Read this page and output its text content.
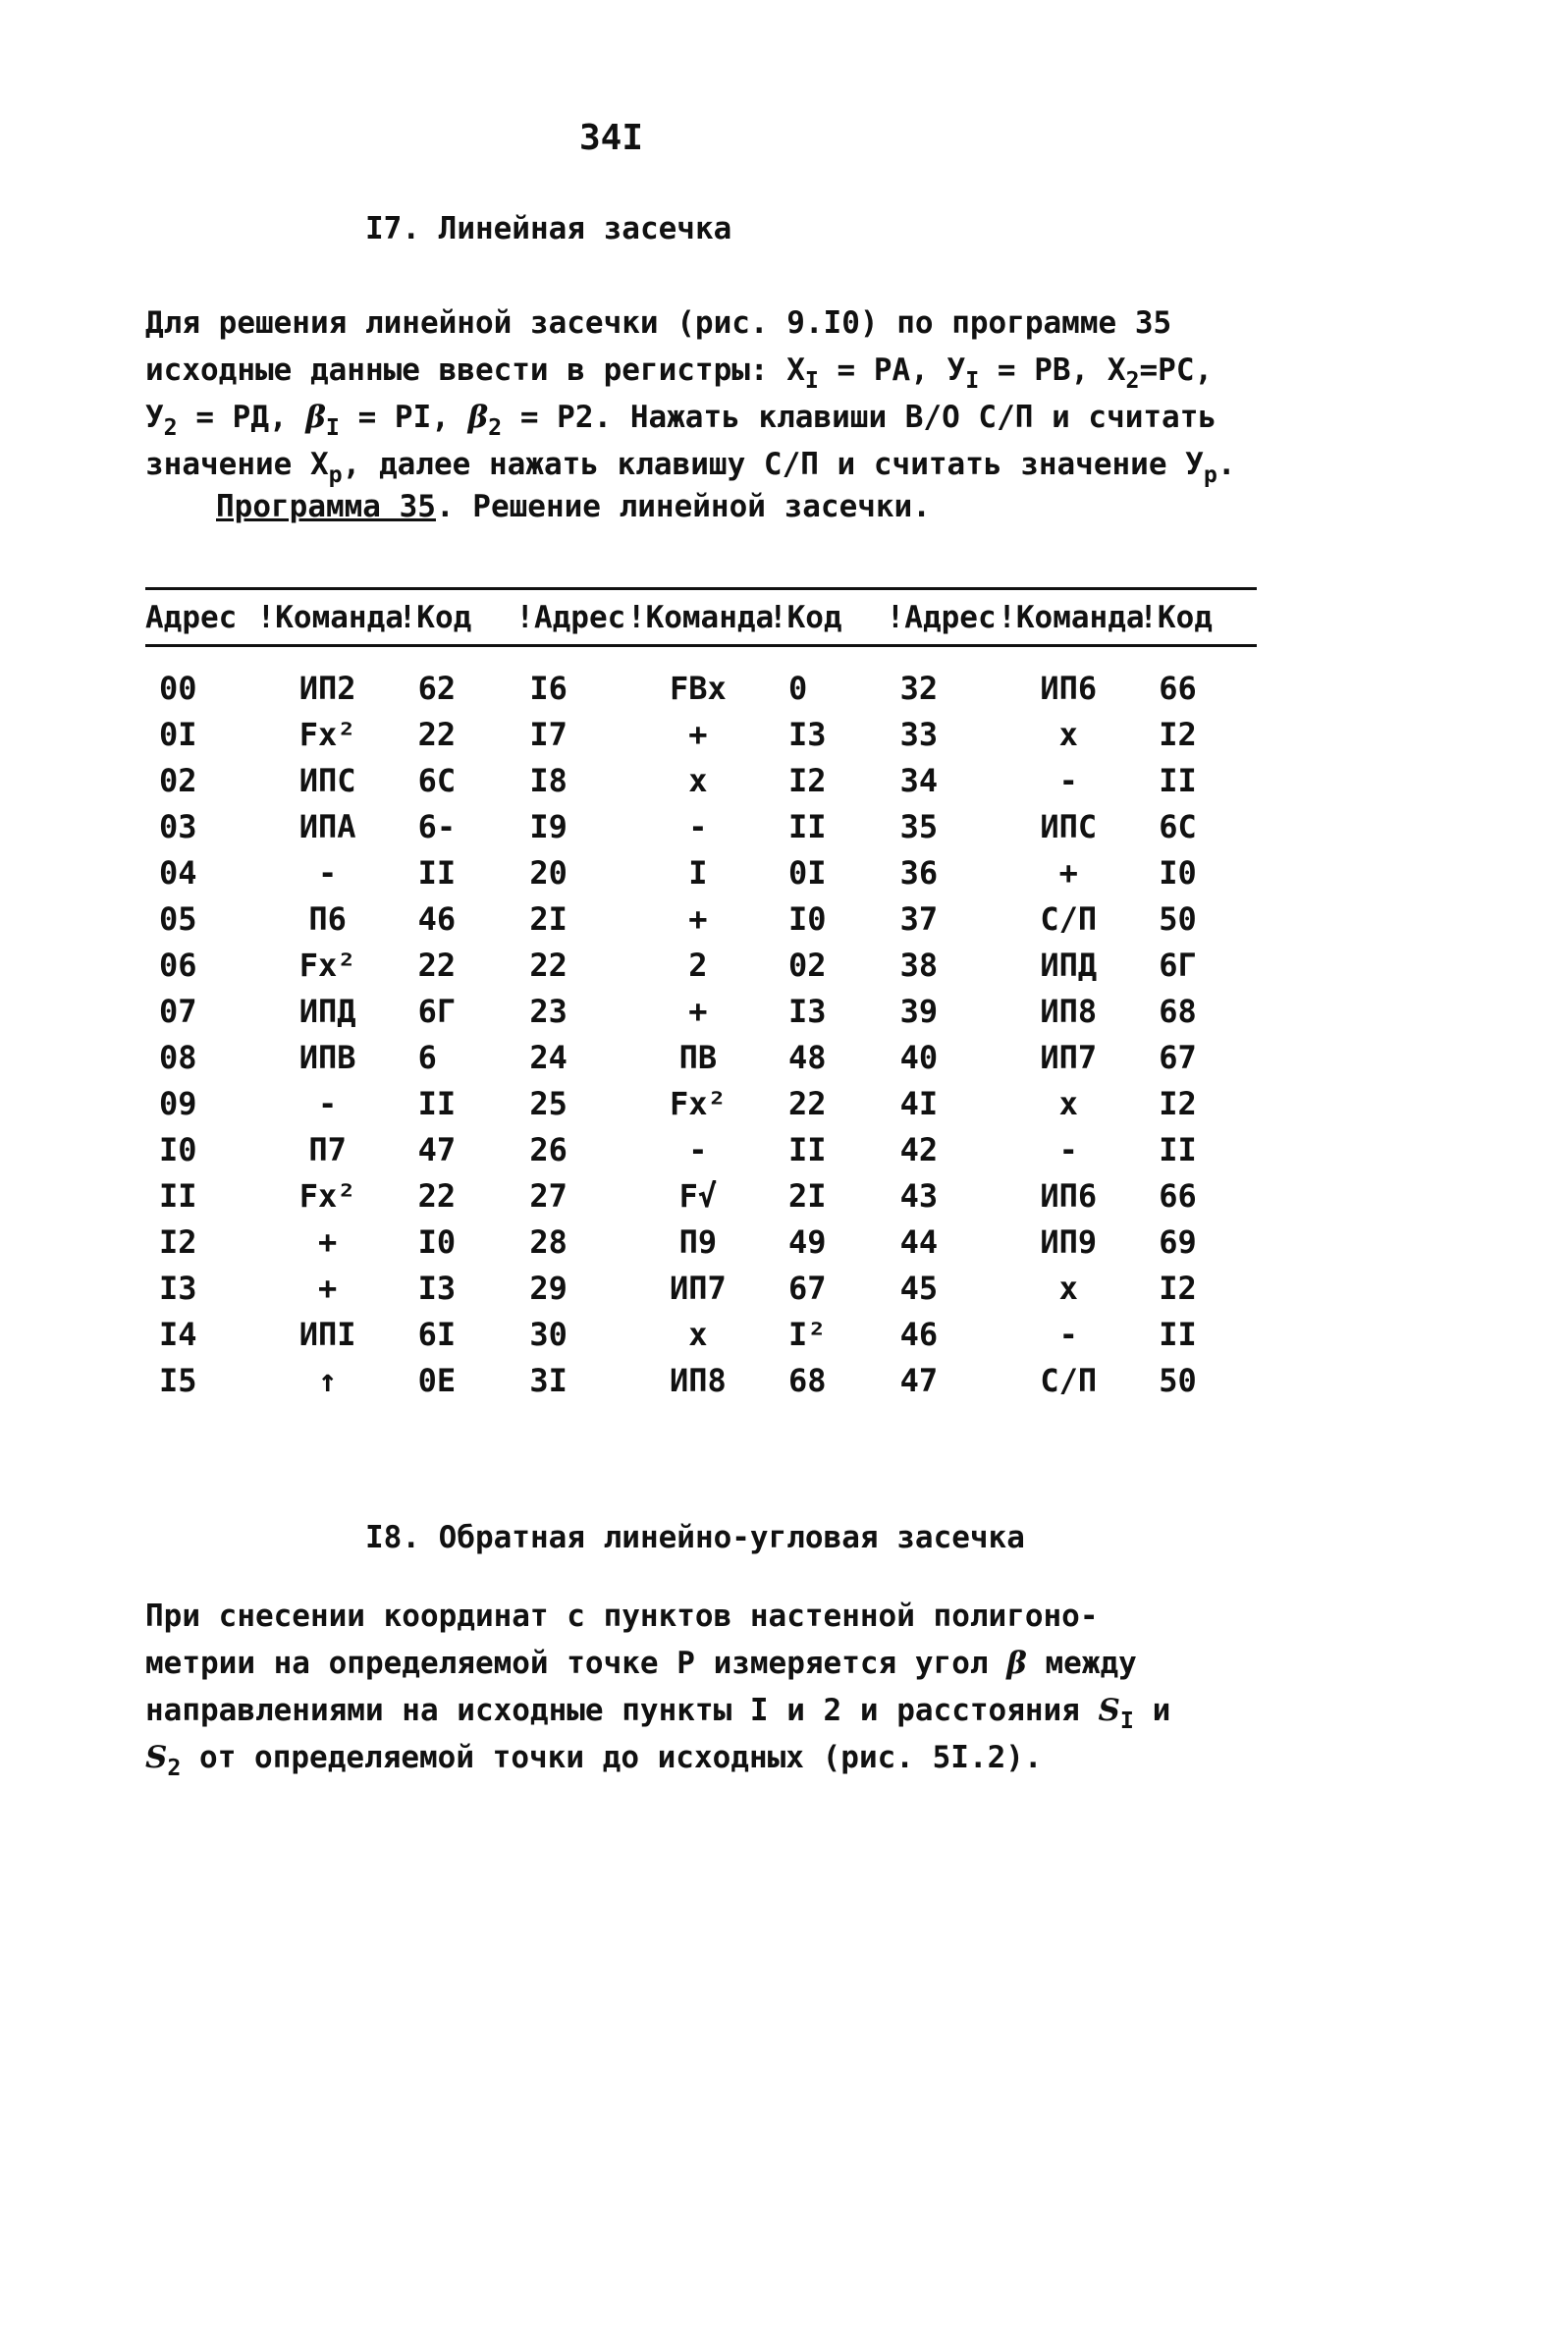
34I
I7. Линейная засечка
Для решения линейной засечки (рис. 9.I0) по программе 35
исходные данные ввести в регистры: $X_I$ = PA, $У_I$ = PB, $X_2=PC$,
$У_2$ = PД, $\beta_I$ = PI, $\beta_2 = P2$. Нажать клавиши В/О С/П и считать
значение $X_p$, далее нажать клавишу С/П и считать значение $У_p$.
Программа 35. Решение линейной засечки.
Адрес	!Команда	!Код	!Адрес	!Команда	!Код	!Адрес	!Команда	!Код
00	ИП2	62	I6	FBx	0	32	ИП6	66
0I	Fx²	22	I7	+	I3	33	x	I2
02	ИПС	6С	I8	x	I2	34	-	II
03	ИПА	6-	I9	-	II	35	ИПС	6С
04	-	II	20	I	0I	36	+	I0
05	П6	46	2I	+	I0	37	С/П	50
06	Fx²	22	22	2	02	38	ИПД	6Г
07	ИПД	6Г	23	+	I3	39	ИП8	68
08	ИПВ	6	24	ПВ	48	40	ИП7	67
09	-	II	25	Fx²	22	4I	x	I2
I0	П7	47	26	-	II	42	-	II
II	Fx²	22	27	F√	2I	43	ИП6	66
I2	+	I0	28	П9	49	44	ИП9	69
I3	+	I3	29	ИП7	67	45	x	I2
I4	ИПI	6I	30	x	I²	46	-	II
I5	↑	0Е	3I	ИП8	68	47	С/П	50
I8. Обратная линейно-угловая засечка
При снесении координат с пунктов настенной полигоно-
метрии на определяемой точке P измеряется угол β между
направлениями на исходные пункты I и 2 и расстояния $S_I$ и
$S_2$ от определяемой точки до исходных (рис. 5I.2).
